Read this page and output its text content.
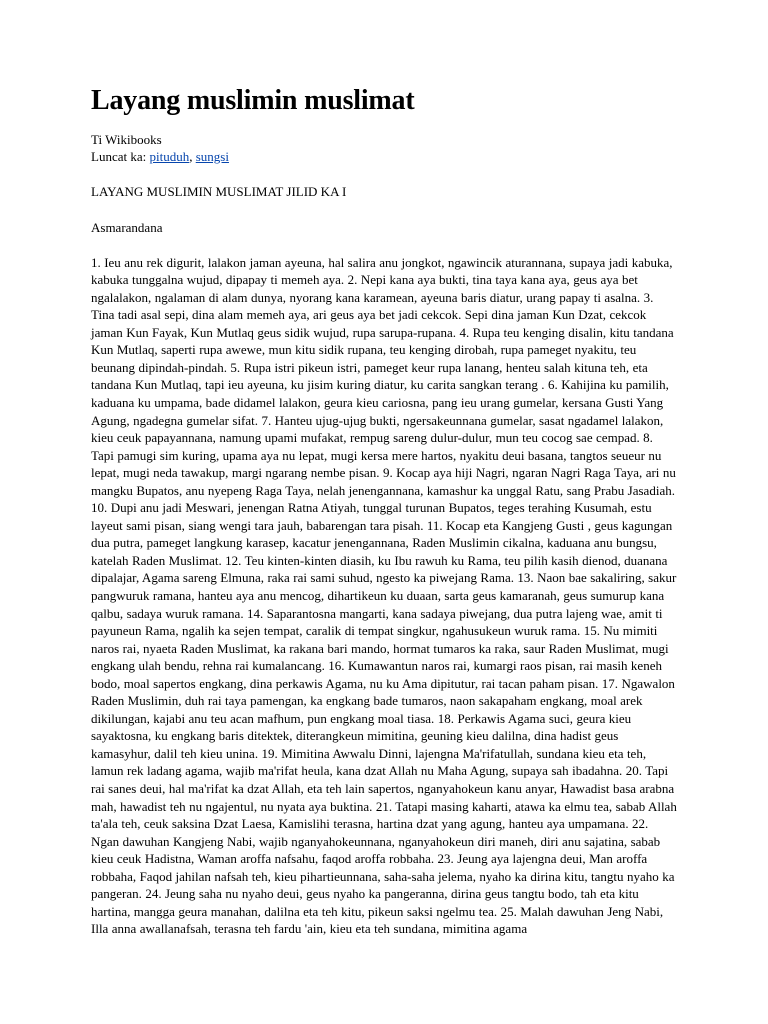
Layang muslimin muslimat
Ti Wikibooks
Luncat ka: pituduh, sungsi
LAYANG MUSLIMIN MUSLIMAT JILID KA I
Asmarandana
1. Ieu anu rek digurit, lalakon jaman ayeuna, hal salira anu jongkot, ngawincik aturannana, supaya jadi kabuka, kabuka tunggalna wujud, dipapay ti memeh aya. 2. Nepi kana aya bukti, tina taya kana aya, geus aya bet ngalalakon, ngalaman di alam dunya, nyorang kana karamean, ayeuna baris diatur, urang papay ti asalna. 3. Tina tadi asal sepi, dina alam memeh aya, ari geus aya bet jadi cekcok. Sepi dina jaman Kun Dzat, cekcok jaman Kun Fayak, Kun Mutlaq geus sidik wujud, rupa sarupa-rupana. 4. Rupa teu kenging disalin, kitu tandana Kun Mutlaq, saperti rupa awewe, mun kitu sidik rupana, teu kenging dirobah, rupa pameget nyakitu, teu beunang dipindah-pindah. 5. Rupa istri pikeun istri, pameget keur rupa lanang, henteu salah kituna teh, eta tandana Kun Mutlaq, tapi ieu ayeuna, ku jisim kuring diatur, ku carita sangkan terang . 6. Kahijina ku pamilih, kaduana ku umpama, bade didamel lalakon, geura kieu cariosna, pang ieu urang gumelar, kersana Gusti Yang Agung, ngadegna gumelar sifat. 7. Hanteu ujug-ujug bukti, ngersakeunnana gumelar, sasat ngadamel lalakon, kieu ceuk papayannana, namung upami mufakat, rempug sareng dulur-dulur, mun teu cocog sae cempad. 8. Tapi pamugi sim kuring, upama aya nu lepat, mugi kersa mere hartos, nyakitu deui basana, tangtos seueur nu lepat, mugi neda tawakup, margi ngarang nembe pisan. 9. Kocap aya hiji Nagri, ngaran Nagri Raga Taya, ari nu mangku Bupatos, anu nyepeng Raga Taya, nelah jenengannana, kamashur ka unggal Ratu, sang Prabu Jasadiah. 10. Dupi anu jadi Meswari, jenengan Ratna Atiyah, tunggal turunan Bupatos, teges terahing Kusumah, estu layeut sami pisan, siang wengi tara jauh, babarengan tara pisah. 11. Kocap eta Kangjeng Gusti , geus kagungan dua putra, pameget langkung karasep, kacatur jenengannana, Raden Muslimin cikalna, kaduana anu bungsu, katelah Raden Muslimat. 12. Teu kinten-kinten diasih, ku Ibu rawuh ku Rama, teu pilih kasih dienod, duanana dipalajar, Agama sareng Elmuna, raka rai sami suhud, ngesto ka piwejang Rama. 13. Naon bae sakaliring, sakur pangwuruk ramana, hanteu aya anu mencog, dihartikeun ku duaan, sarta geus kamaranah, geus sumurup kana qalbu, sadaya wuruk ramana. 14. Saparantosna mangarti, kana sadaya piwejang, dua putra lajeng wae, amit ti payuneun Rama, ngalih ka sejen tempat, caralik di tempat singkur, ngahusukeun wuruk rama. 15. Nu mimiti naros rai, nyaeta Raden Muslimat, ka rakana bari mando, hormat tumaros ka raka, saur Raden Muslimat, mugi engkang ulah bendu, rehna rai kumalancang. 16. Kumawantun naros rai, kumargi raos pisan, rai masih keneh bodo, moal sapertos engkang, dina perkawis Agama, nu ku Ama dipitutur, rai tacan paham pisan. 17. Ngawalon Raden Muslimin, duh rai taya pamengan, ka engkang bade tumaros, naon sakapaham engkang, moal arek dikilungan, kajabi anu teu acan mafhum, pun engkang moal tiasa. 18. Perkawis Agama suci, geura kieu sayaktosna, ku engkang baris ditektek, diterangkeun mimitina, geuning kieu dalilna, dina hadist geus kamasyhur, dalil teh kieu unina. 19. Mimitina Awwalu Dinni, lajengna Ma'rifatullah, sundana kieu eta teh, lamun rek ladang agama, wajib ma'rifat heula, kana dzat Allah nu Maha Agung, supaya sah ibadahna. 20. Tapi rai sanes deui, hal ma'rifat ka dzat Allah, eta teh lain sapertos, nganyahokeun kanu anyar, Hawadist basa arabna mah, hawadist teh nu ngajentul, nu nyata aya buktina. 21. Tatapi masing kaharti, atawa ka elmu tea, sabab Allah ta'ala teh, ceuk saksina Dzat Laesa, Kamislihi terasna, hartina dzat yang agung, hanteu aya umpamana. 22. Ngan dawuhan Kangjeng Nabi, wajib nganyahokeunnana, nganyahokeun diri maneh, diri anu sajatina, sabab kieu ceuk Hadistna, Waman aroffa nafsahu, faqod aroffa robbaha. 23. Jeung aya lajengna deui, Man aroffa robbaha, Faqod jahilan nafsah teh, kieu pihartieunnana, saha-saha jelema, nyaho ka dirina kitu, tangtu nyaho ka pangeran. 24. Jeung saha nu nyaho deui, geus nyaho ka pangeranna, dirina geus tangtu bodo, tah eta kitu hartina, mangga geura manahan, dalilna eta teh kitu, pikeun saksi ngelmu tea. 25. Malah dawuhan Jeng Nabi, Illa anna awallanafsah, terasna teh fardu 'ain, kieu eta teh sundana, mimitina agama
